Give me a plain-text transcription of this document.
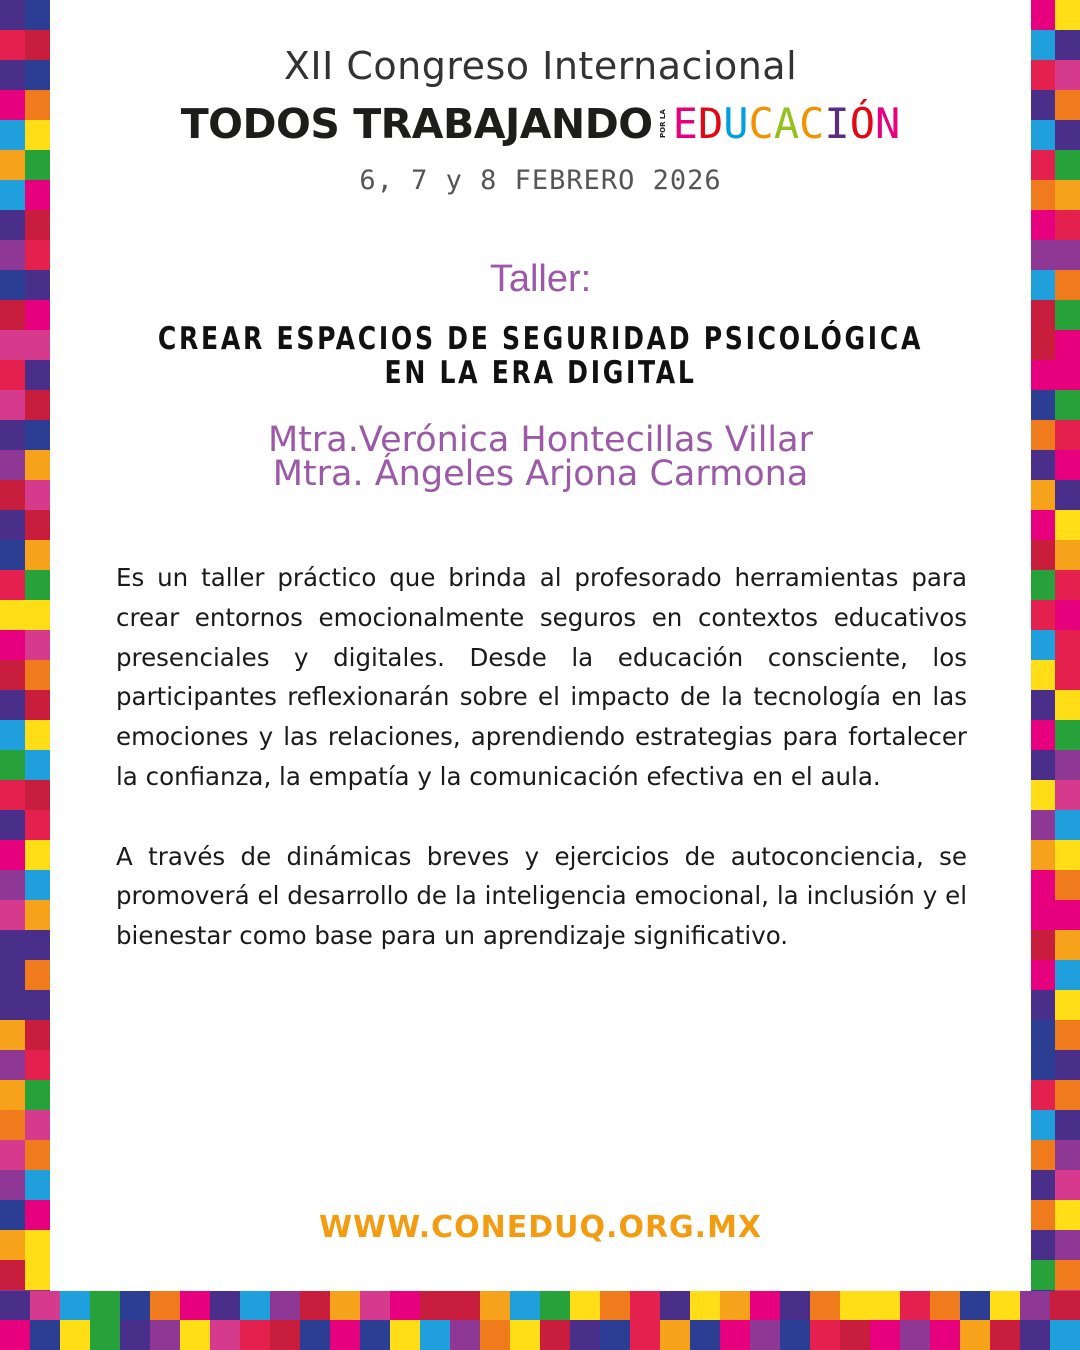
XII Congreso Internacional
TODOS TRABAJANDO POR LA E D U C A C I Ó N
6, 7 y 8 FEBRERO 2026
Taller:
CREAR ESPACIOS DE SEGURIDAD PSICOLÓGICA
EN LA ERA DIGITAL
Mtra.Verónica Hontecillas Villar
Mtra. Ángeles Arjona Carmona

Es un taller práctico que brinda al profesorado herramientas para crear entornos emocionalmente seguros en contextos educativos presenciales y digitales. Desde la educación consciente, los participantes reflexionarán sobre el impacto de la tecnología en las emociones y las relaciones, aprendiendo estrategias para fortalecer la confianza, la empatía y la comunicación efectiva en el aula.

A través de dinámicas breves y ejercicios de autoconciencia, se promoverá el desarrollo de la inteligencia emocional, la inclusión y el bienestar como base para un aprendizaje significativo.

WWW.CONEDUQ.ORG.MX
